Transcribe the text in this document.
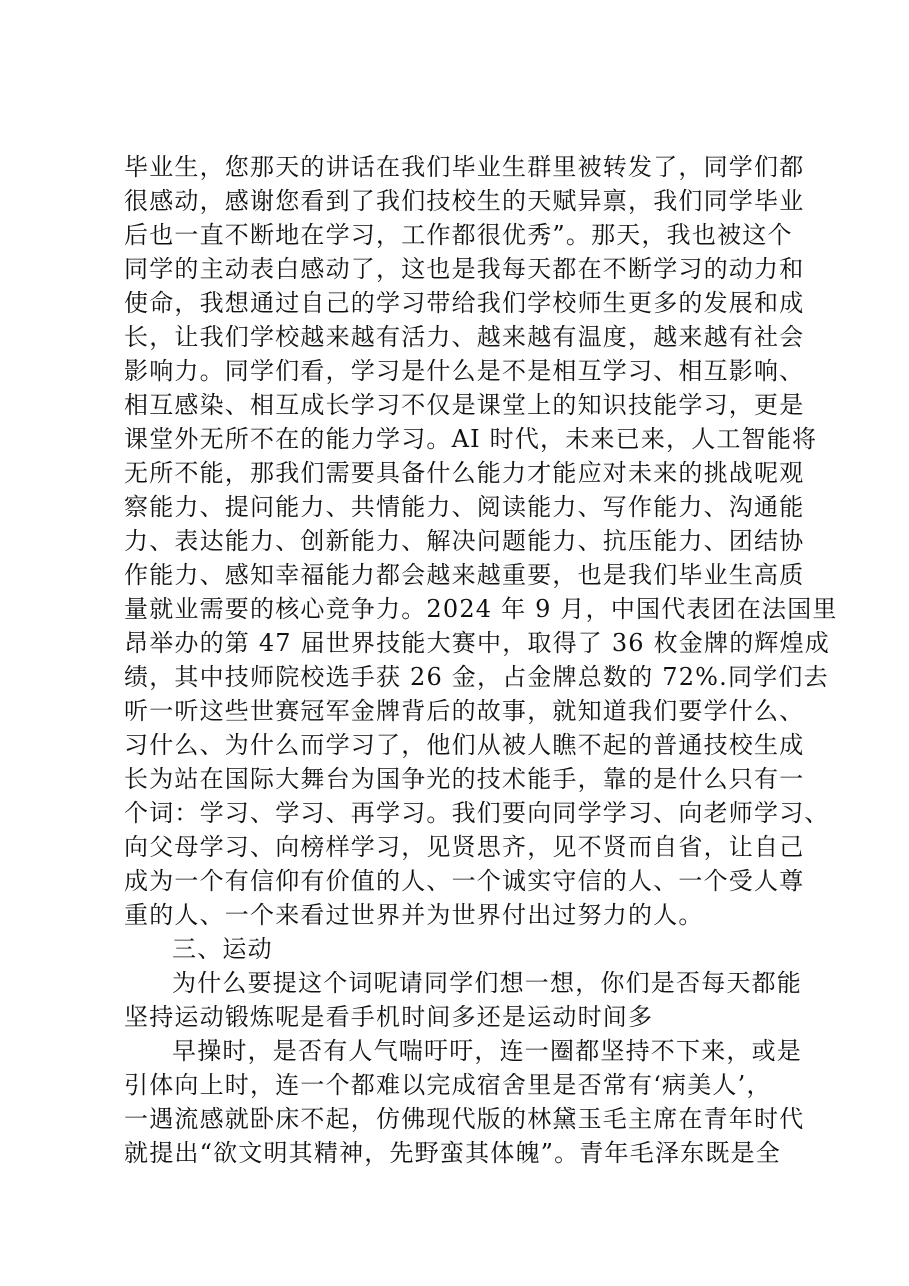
毕业生，您那天的讲话在我们毕业生群里被转发了，同学们都
很感动，感谢您看到了我们技校生的天赋异禀，我们同学毕业
后也一直不断地在学习，工作都很优秀”。那天，我也被这个
同学的主动表白感动了，这也是我每天都在不断学习的动力和
使命，我想通过自己的学习带给我们学校师生更多的发展和成
长，让我们学校越来越有活力、越来越有温度，越来越有社会
影响力。同学们看，学习是什么是不是相互学习、相互影响、
相互感染、相互成长学习不仅是课堂上的知识技能学习，更是
课堂外无所不在的能力学习。AI 时代，未来已来，人工智能将
无所不能，那我们需要具备什么能力才能应对未来的挑战呢观
察能力、提问能力、共情能力、阅读能力、写作能力、沟通能
力、表达能力、创新能力、解决问题能力、抗压能力、团结协
作能力、感知幸福能力都会越来越重要，也是我们毕业生高质
量就业需要的核心竞争力。2024 年 9 月，中国代表团在法国里
昂举办的第 47 届世界技能大赛中，取得了 36 枚金牌的辉煌成
绩，其中技师院校选手获 26 金，占金牌总数的 72%.同学们去
听一听这些世赛冠军金牌背后的故事，就知道我们要学什么、
习什么、为什么而学习了，他们从被人瞧不起的普通技校生成
长为站在国际大舞台为国争光的技术能手，靠的是什么只有一
个词：学习、学习、再学习。我们要向同学学习、向老师学习、
向父母学习、向榜样学习，见贤思齐，见不贤而自省，让自己
成为一个有信仰有价值的人、一个诚实守信的人、一个受人尊
重的人、一个来看过世界并为世界付出过努力的人。
三、运动
为什么要提这个词呢请同学们想一想，你们是否每天都能
坚持运动锻炼呢是看手机时间多还是运动时间多
早操时，是否有人气喘吁吁，连一圈都坚持不下来，或是
引体向上时，连一个都难以完成宿舍里是否常有‘病美人’，
一遇流感就卧床不起，仿佛现代版的林黛玉毛主席在青年时代
就提出“欲文明其精神，先野蛮其体魄”。青年毛泽东既是全
